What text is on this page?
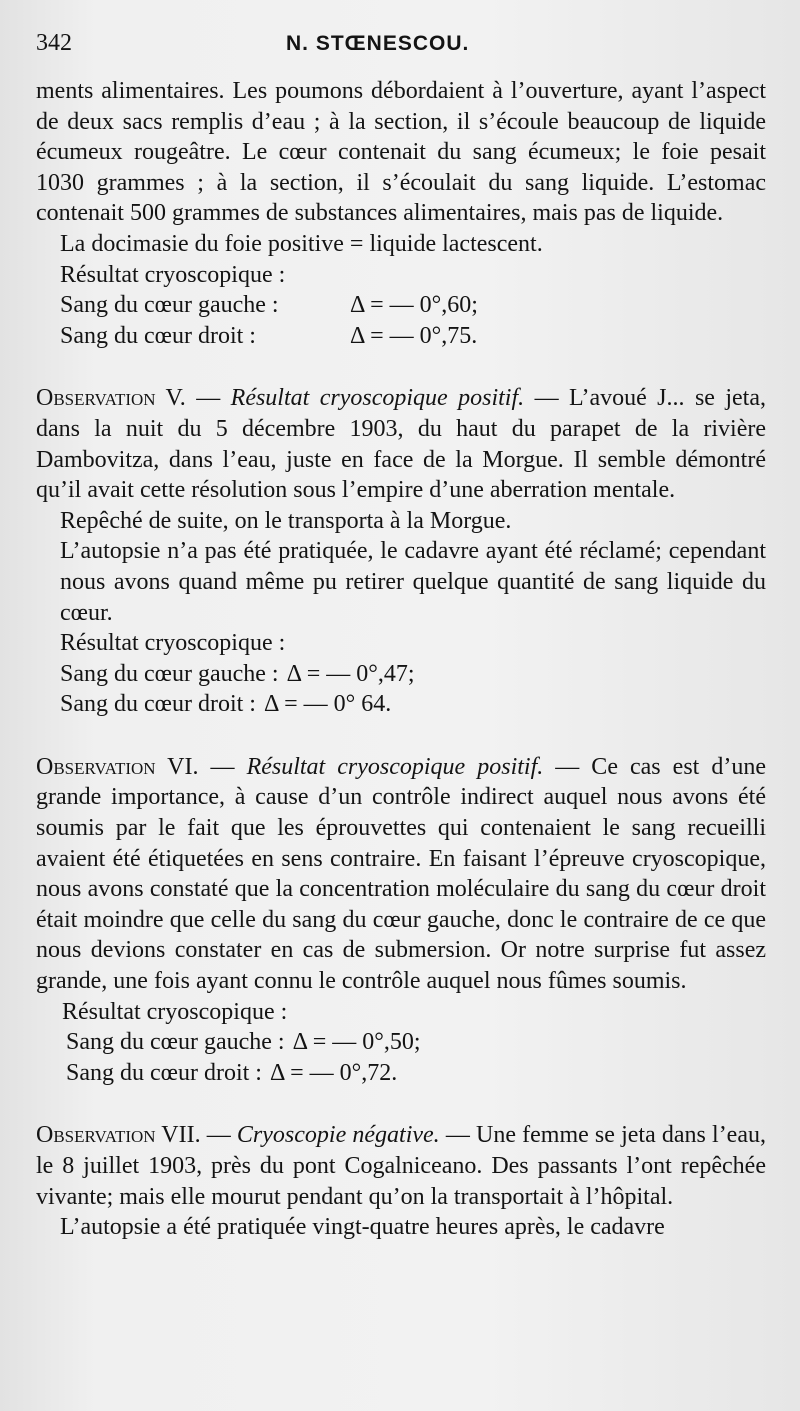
342	N. STŒNESCOU.

ments alimentaires. Les poumons débordaient à l’ouverture, ayant l’aspect de deux sacs remplis d’eau ; à la section, il s’écoule beaucoup de liquide écumeux rougeâtre. Le cœur contenait du sang écumeux; le foie pesait 1030 grammes ; à la section, il s’écoulait du sang liquide. L’estomac contenait 500 grammes de substances alimentaires, mais pas de liquide.

La docimasie du foie positive = liquide lactescent.

Résultat cryoscopique :

Sang du cœur gauche :	Δ = — 0°,60;
Sang du cœur droit :	Δ = — 0°,75.

Observation V. — Résultat cryoscopique positif. — L’avoué J... se jeta, dans la nuit du 5 décembre 1903, du haut du parapet de la rivière Dambovitza, dans l’eau, juste en face de la Morgue. Il semble démontré qu’il avait cette résolution sous l’empire d’une aberration mentale.

Repêché de suite, on le transporta à la Morgue.

L’autopsie n’a pas été pratiquée, le cadavre ayant été réclamé; cependant nous avons quand même pu retirer quelque quantité de sang liquide du cœur.

Résultat cryoscopique :

Sang du cœur gauche : Δ = — 0°,47;
Sang du cœur droit : Δ = — 0° 64.

Observation VI. — Résultat cryoscopique positif. — Ce cas est d’une grande importance, à cause d’un contrôle indirect auquel nous avons été soumis par le fait que les éprouvettes qui contenaient le sang recueilli avaient été étiquetées en sens contraire. En faisant l’épreuve cryoscopique, nous avons constaté que la concentration moléculaire du sang du cœur droit était moindre que celle du sang du cœur gauche, donc le contraire de ce que nous devions constater en cas de submersion. Or notre surprise fut assez grande, une fois ayant connu le contrôle auquel nous fûmes soumis.

Résultat cryoscopique :

Sang du cœur gauche : Δ = — 0°,50;
Sang du cœur droit : Δ = — 0°,72.

Observation VII. — Cryoscopie négative. — Une femme se jeta dans l’eau, le 8 juillet 1903, près du pont Cogalniceano. Des passants l’ont repêchée vivante; mais elle mourut pendant qu’on la transportait à l’hôpital.

L’autopsie a été pratiquée vingt-quatre heures après, le cadavre
